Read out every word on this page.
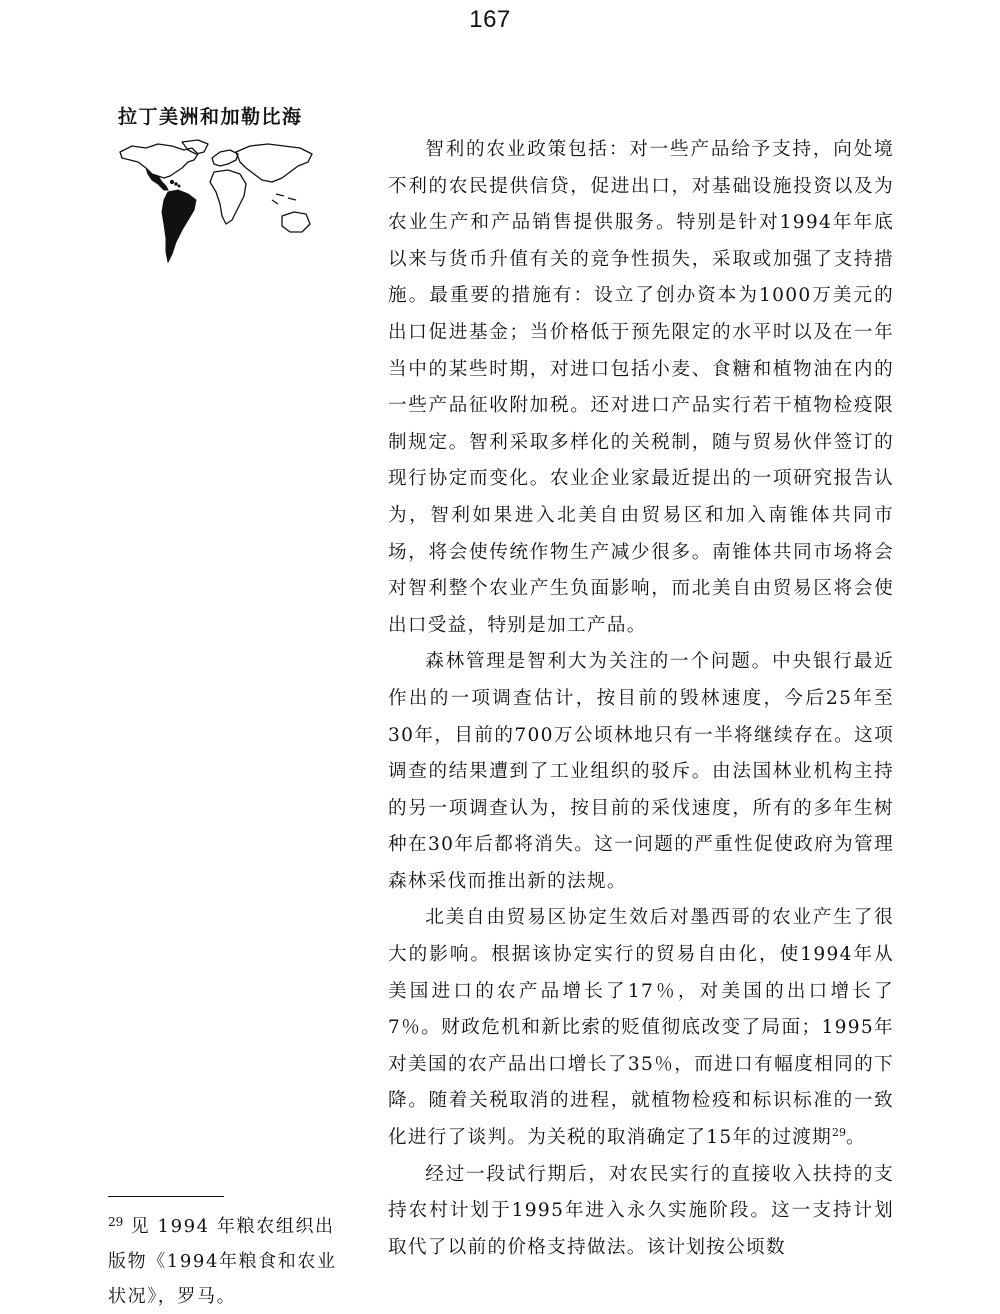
167
拉丁美洲和加勒比海

智利的农业政策包括：对一些产品给予支持，向处境不利的农民提供信贷，促进出口，对基础设施投资以及为农业生产和产品销售提供服务。特别是针对1994年年底以来与货币升值有关的竞争性损失，采取或加强了支持措施。最重要的措施有：设立了创办资本为1000万美元的出口促进基金；当价格低于预先限定的水平时以及在一年当中的某些时期，对进口包括小麦、食糖和植物油在内的一些产品征收附加税。还对进口产品实行若干植物检疫限制规定。智利采取多样化的关税制，随与贸易伙伴签订的现行协定而变化。农业企业家最近提出的一项研究报告认为，智利如果进入北美自由贸易区和加入南锥体共同市场，将会使传统作物生产减少很多。南锥体共同市场将会对智利整个农业产生负面影响，而北美自由贸易区将会使出口受益，特别是加工产品。

森林管理是智利大为关注的一个问题。中央银行最近作出的一项调查估计，按目前的毁林速度，今后25年至30年，目前的700万公顷林地只有一半将继续存在。这项调查的结果遭到了工业组织的驳斥。由法国林业机构主持的另一项调查认为，按目前的采伐速度，所有的多年生树种在30年后都将消失。这一问题的严重性促使政府为管理森林采伐而推出新的法规。

北美自由贸易区协定生效后对墨西哥的农业产生了很大的影响。根据该协定实行的贸易自由化，使1994年从美国进口的农产品增长了17％，对美国的出口增长了7％。财政危机和新比索的贬值彻底改变了局面；1995年对美国的农产品出口增长了35％，而进口有幅度相同的下降。随着关税取消的进程，就植物检疫和标识标准的一致化进行了谈判。为关税的取消确定了15年的过渡期$^{29}$。

经过一段试行期后，对农民实行的直接收入扶持的支持农村计划于1995年进入永久实施阶段。这一支持计划取代了以前的价格支持做法。该计划按公顷数

$^{29}$ 见 1994 年粮农组织出版物《1994年粮食和农业状况》，罗马。
